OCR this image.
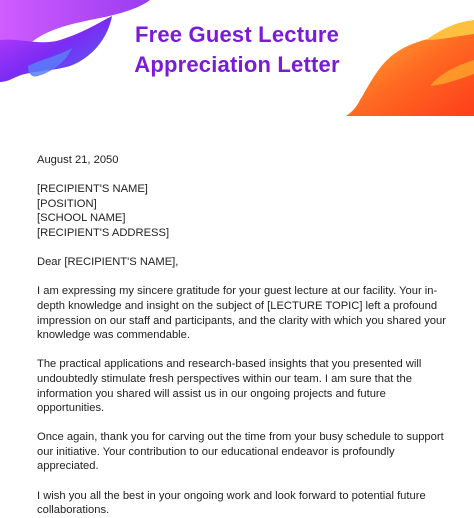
Free Guest Lecture
Appreciation Letter

August 21, 2050

[RECIPIENT'S NAME]

[POSITION]

[SCHOOL NAME]

[RECIPIENT'S ADDRESS]

Dear [RECIPIENT'S NAME],

I am expressing my sincere gratitude for your guest lecture at our facility. Your in-depth knowledge and insight on the subject of [LECTURE TOPIC] left a profound impression on our staff and participants, and the clarity with which you shared your knowledge was commendable.

The practical applications and research-based insights that you presented will undoubtedly stimulate fresh perspectives within our team. I am sure that the information you shared will assist us in our ongoing projects and future opportunities.

Once again, thank you for carving out the time from your busy schedule to support our initiative. Your contribution to our educational endeavor is profoundly appreciated.

I wish you all the best in your ongoing work and look forward to potential future collaborations.
